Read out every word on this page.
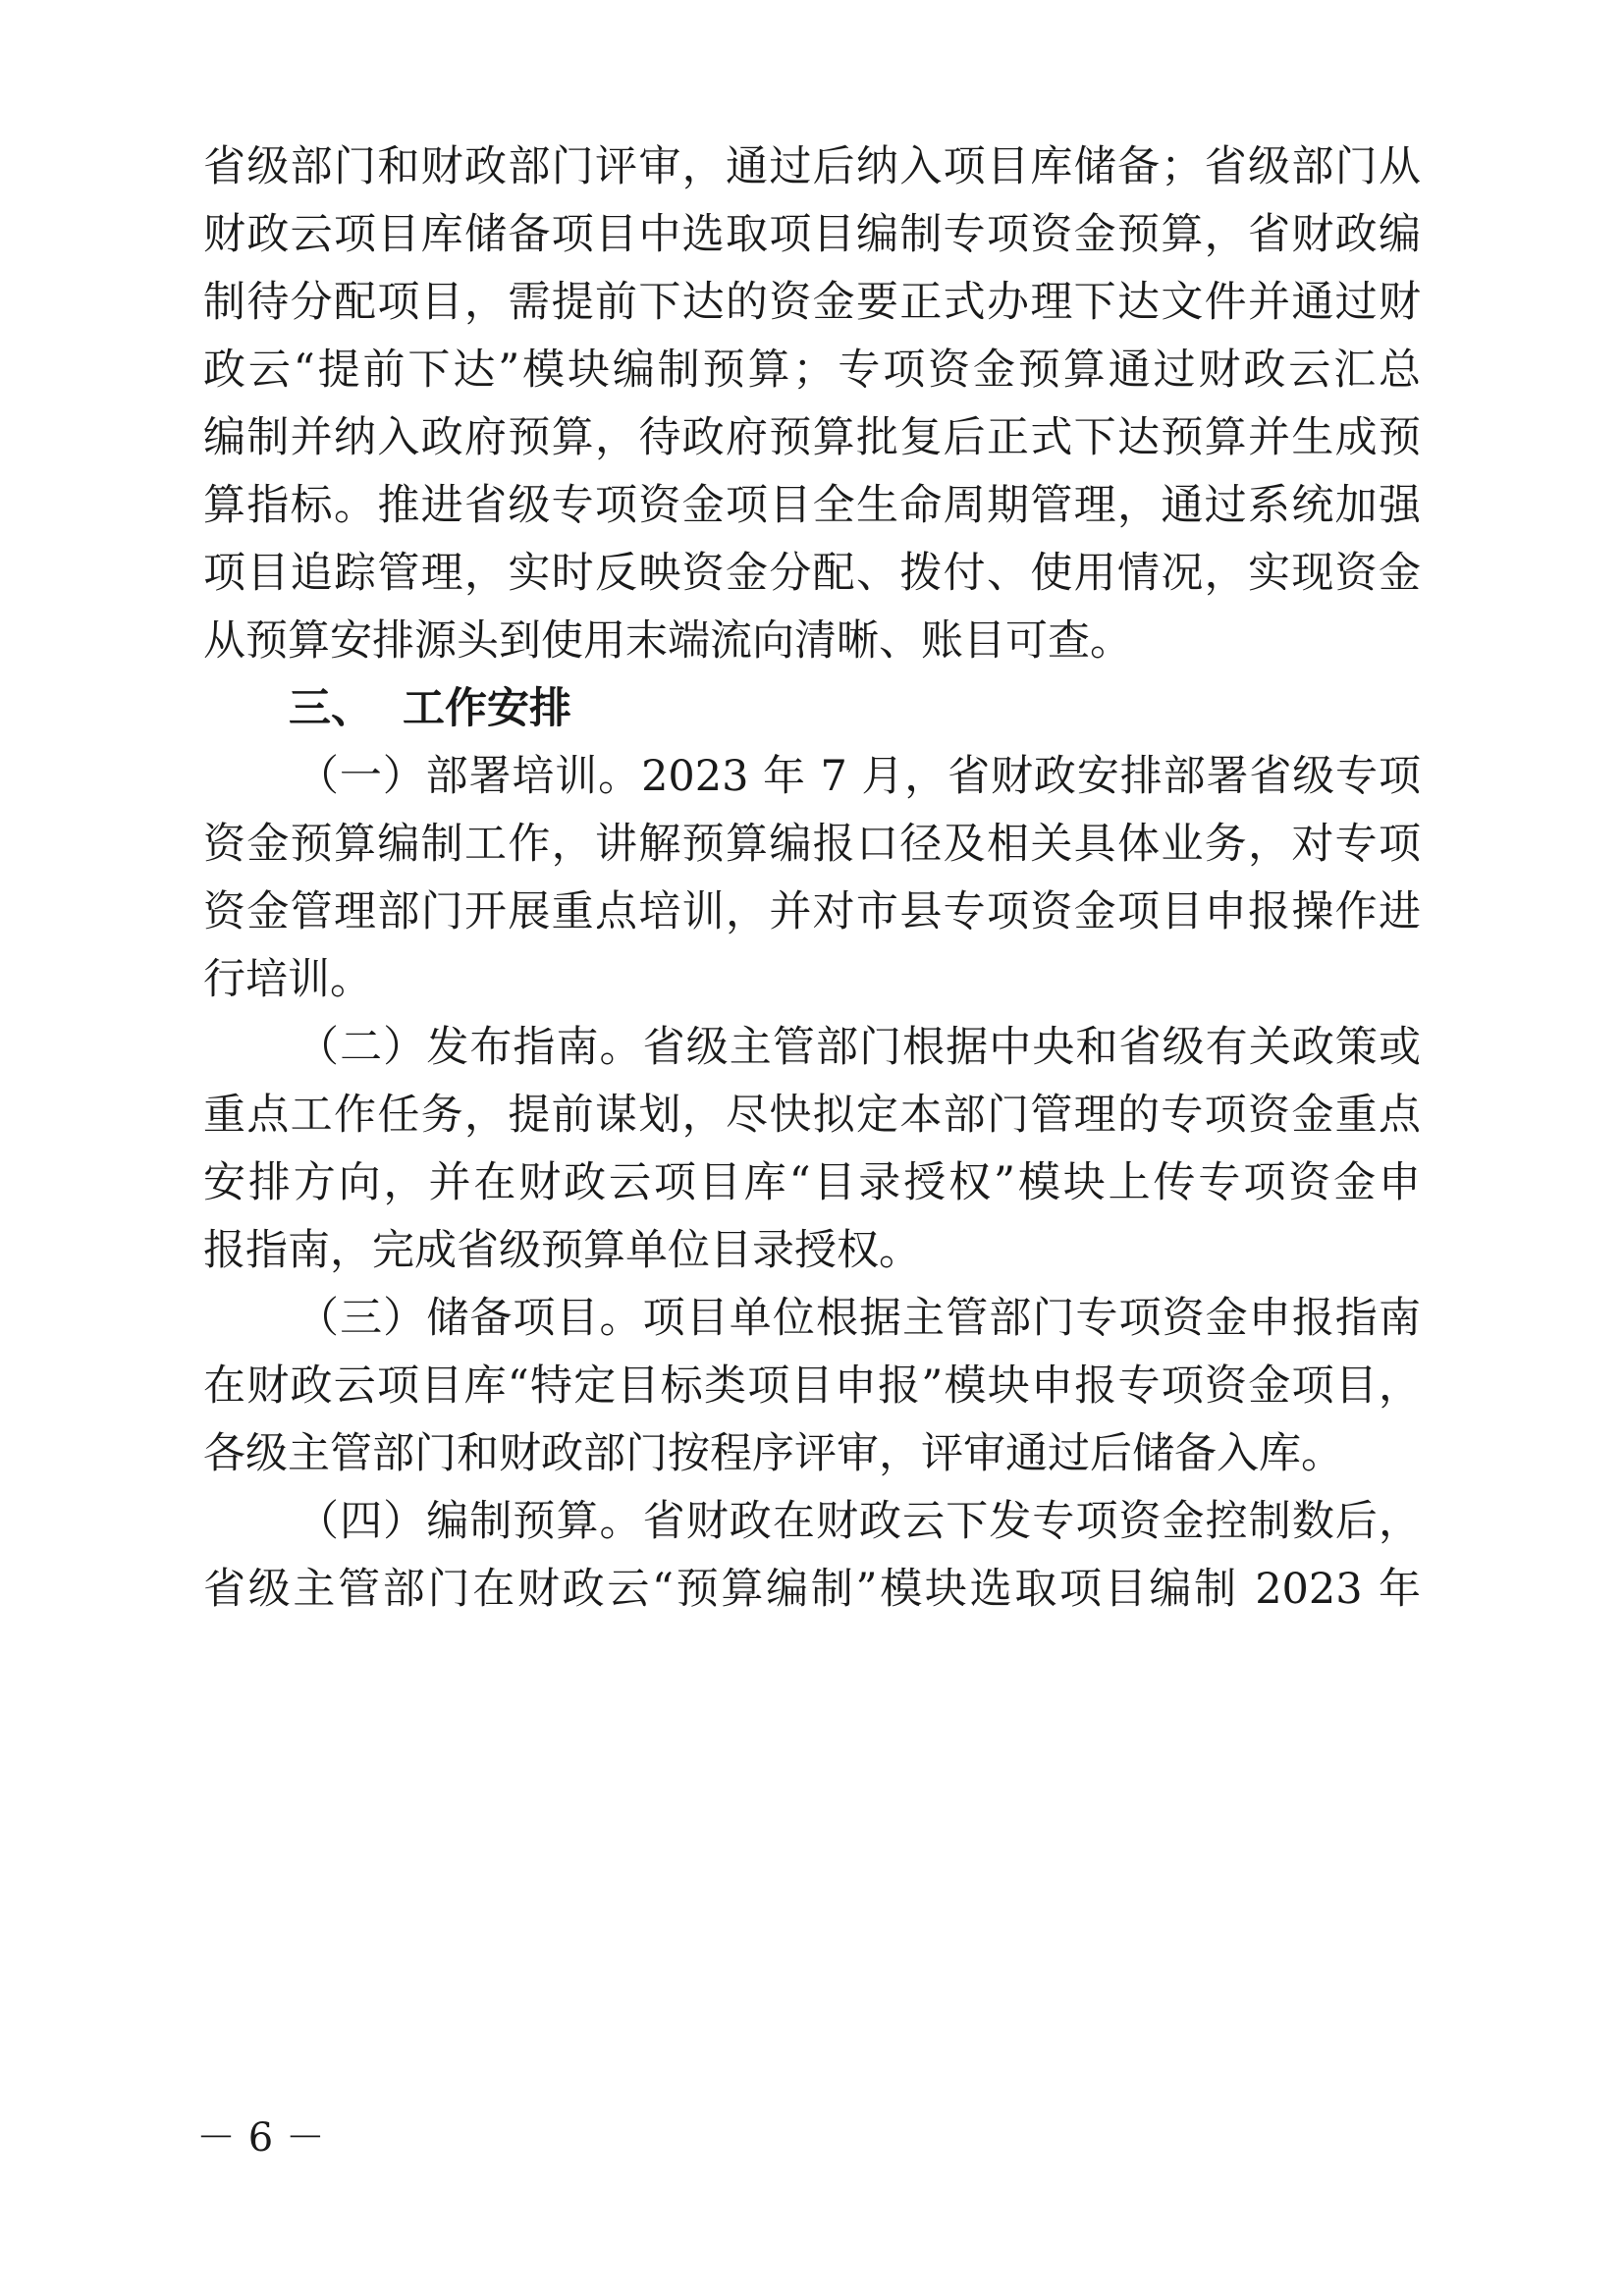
省级部门和财政部门评审，通过后纳入项目库储备；省级部门从
财政云项目库储备项目中选取项目编制专项资金预算，省财政编
制待分配项目，需提前下达的资金要正式办理下达文件并通过财
政云“提前下达”模块编制预算；专项资金预算通过财政云汇总
编制并纳入政府预算，待政府预算批复后正式下达预算并生成预
算指标。推进省级专项资金项目全生命周期管理，通过系统加强
项目追踪管理，实时反映资金分配、拨付、使用情况，实现资金
从预算安排源头到使用末端流向清晰、账目可查。
三、 工作安排
（一）部署培训。2023 年 7 月，省财政安排部署省级专项
资金预算编制工作，讲解预算编报口径及相关具体业务，对专项
资金管理部门开展重点培训，并对市县专项资金项目申报操作进
行培训。
（二）发布指南。省级主管部门根据中央和省级有关政策或
重点工作任务，提前谋划，尽快拟定本部门管理的专项资金重点
安排方向，并在财政云项目库“目录授权”模块上传专项资金申
报指南，完成省级预算单位目录授权。
（三）储备项目。项目单位根据主管部门专项资金申报指南
在财政云项目库“特定目标类项目申报”模块申报专项资金项目，
各级主管部门和财政部门按程序评审，评审通过后储备入库。
（四）编制预算。省财政在财政云下发专项资金控制数后，
省级主管部门在财政云“预算编制”模块选取项目编制 2023 年
－ 6 －
